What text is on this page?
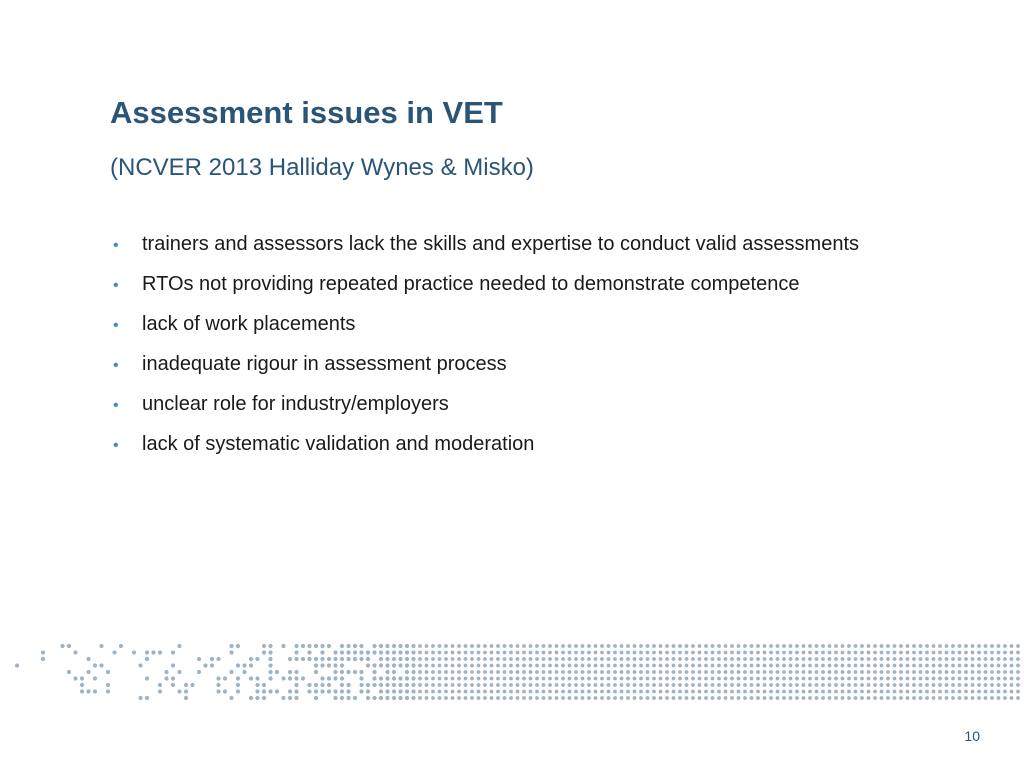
Assessment issues in VET
(NCVER 2013 Halliday Wynes & Misko)
•	trainers and assessors lack the skills and expertise to conduct valid assessments
•	RTOs not providing repeated practice needed to demonstrate competence
•	lack of work placements
•	inadequate rigour in assessment process
•	unclear role for industry/employers
•	lack of systematic validation and moderation
10
